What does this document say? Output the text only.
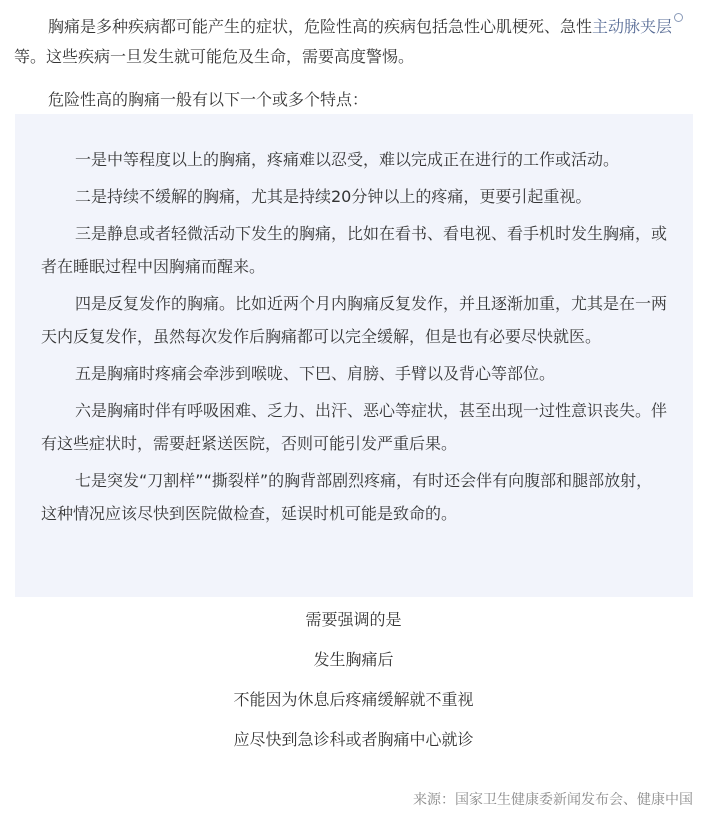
胸痛是多种疾病都可能产生的症状，危险性高的疾病包括急性心肌梗死、急性主动脉夹层等。这些疾病一旦发生就可能危及生命，需要高度警惕。

危险性高的胸痛一般有以下一个或多个特点：

一是中等程度以上的胸痛，疼痛难以忍受，难以完成正在进行的工作或活动。

二是持续不缓解的胸痛，尤其是持续20分钟以上的疼痛，更要引起重视。

三是静息或者轻微活动下发生的胸痛，比如在看书、看电视、看手机时发生胸痛，或者在睡眠过程中因胸痛而醒来。

四是反复发作的胸痛。比如近两个月内胸痛反复发作，并且逐渐加重，尤其是在一两天内反复发作，虽然每次发作后胸痛都可以完全缓解，但是也有必要尽快就医。

五是胸痛时疼痛会牵涉到喉咙、下巴、肩膀、手臂以及背心等部位。

六是胸痛时伴有呼吸困难、乏力、出汗、恶心等症状，甚至出现一过性意识丧失。伴有这些症状时，需要赶紧送医院，否则可能引发严重后果。

七是突发“刀割样”“撕裂样”的胸背部剧烈疼痛，有时还会伴有向腹部和腿部放射，这种情况应该尽快到医院做检查，延误时机可能是致命的。

需要强调的是

发生胸痛后

不能因为休息后疼痛缓解就不重视

应尽快到急诊科或者胸痛中心就诊

来源：国家卫生健康委新闻发布会、健康中国
